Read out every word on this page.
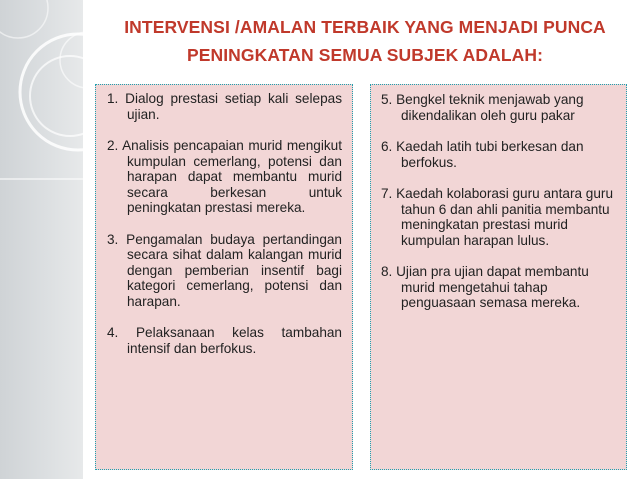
INTERVENSI /AMALAN TERBAIK YANG MENJADI PUNCA
PENINGKATAN SEMUA SUBJEK ADALAH:

1. Dialog prestasi setiap kali selepas ujian.

2. Analisis pencapaian murid mengikut kumpulan cemerlang, potensi dan harapan dapat membantu murid secara berkesan untuk peningkatan prestasi mereka.

3. Pengamalan budaya pertandingan secara sihat dalam kalangan murid dengan pemberian insentif bagi kategori cemerlang, potensi dan harapan.

4. Pelaksanaan kelas tambahan intensif dan berfokus.

5. Bengkel teknik menjawab yang dikendalikan oleh guru pakar

6. Kaedah latih tubi berkesan dan berfokus.

7. Kaedah kolaborasi guru antara guru tahun 6 dan ahli panitia membantu meningkatan prestasi murid kumpulan harapan lulus.

8. Ujian pra ujian dapat membantu murid mengetahui tahap penguasaan semasa mereka.
